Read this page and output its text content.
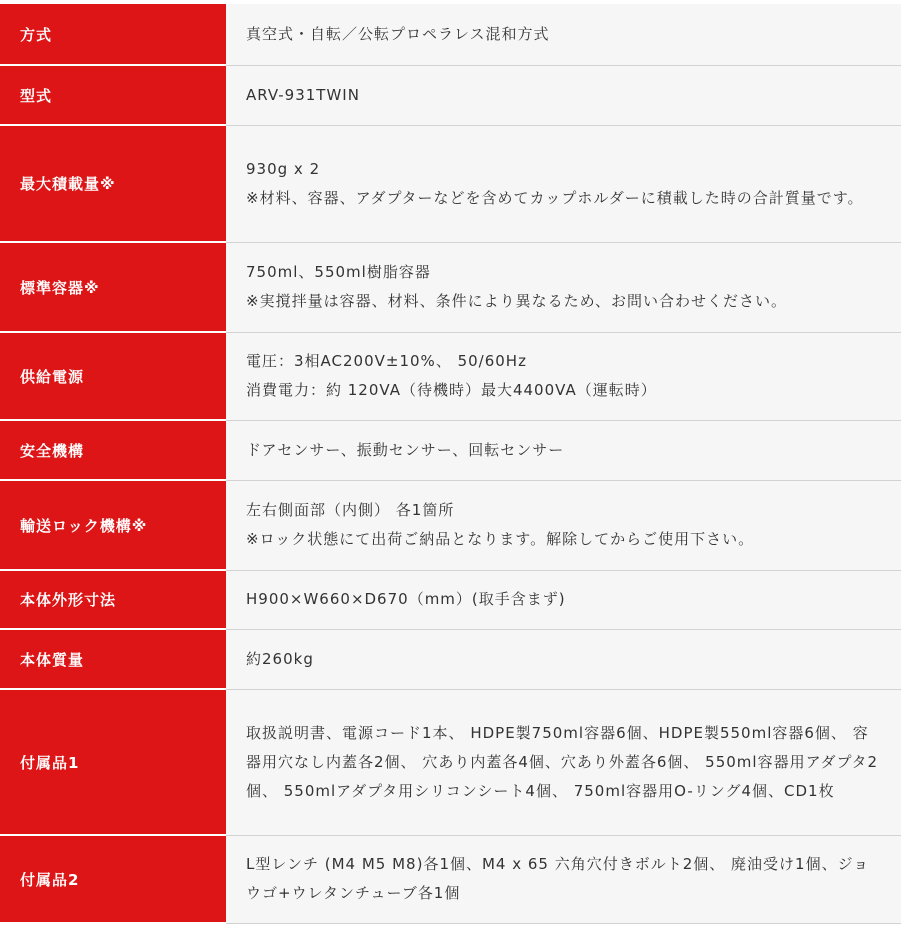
方式	真空式・自転／公転プロペラレス混和方式

型式	ARV-931TWIN

最大積載量※	930g x 2
※材料、容器、アダプターなどを含めてカップホルダーに積載した時の合計質量です。

標準容器※	750ml、550ml樹脂容器
※実撹拌量は容器、材料、条件により異なるため、お問い合わせください。

供給電源	電圧：3相AC200V±10%、 50/60Hz
消費電力：約 120VA（待機時）最大4400VA（運転時）

安全機構	ドアセンサー、振動センサー、回転センサー

輸送ロック機構※	左右側面部（内側） 各1箇所
※ロック状態にて出荷ご納品となります。解除してからご使用下さい。

本体外形寸法	H900×W660×D670（mm）(取手含まず)

本体質量	約260kg

付属品1	取扱説明書、電源コード1本、 HDPE製750ml容器6個、HDPE製550ml容器6個、 容器用穴なし内蓋各2個、 穴あり内蓋各4個、穴あり外蓋各6個、 550ml容器用アダプタ2個、 550mlアダプタ用シリコンシート4個、 750ml容器用O-リング4個、CD1枚

付属品2	L型レンチ (M4 M5 M8)各1個、M4 x 65 六角穴付きボルト2個、 廃油受け1個、ジョウゴ+ウレタンチューブ各1個
